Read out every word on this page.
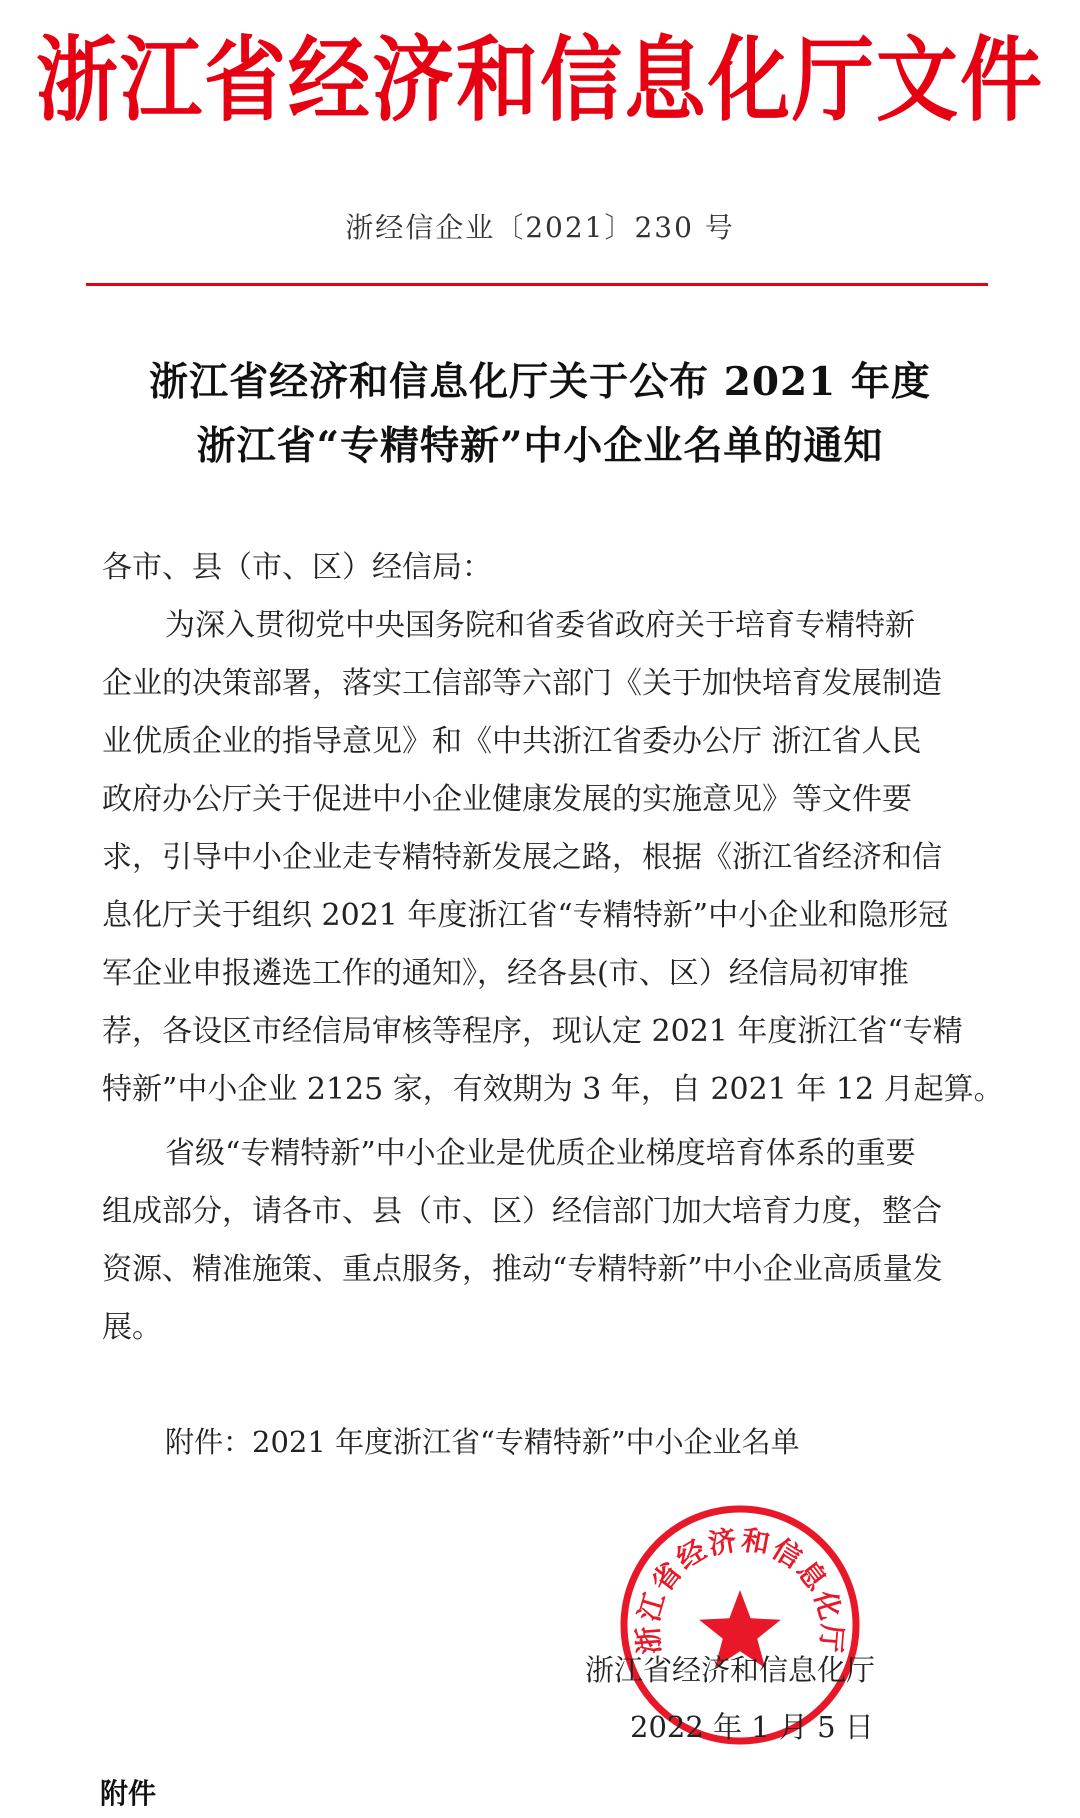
浙江省经济和信息化厅文件
浙经信企业〔2021〕230 号
浙江省经济和信息化厅关于公布 2021 年度
浙江省“专精特新”中小企业名单的通知
各市、县（市、区）经信局：
为深入贯彻党中央国务院和省委省政府关于培育专精特新
企业的决策部署，落实工信部等六部门《关于加快培育发展制造
业优质企业的指导意见》和《中共浙江省委办公厅 浙江省人民
政府办公厅关于促进中小企业健康发展的实施意见》等文件要
求，引导中小企业走专精特新发展之路，根据《浙江省经济和信
息化厅关于组织 2021 年度浙江省“专精特新”中小企业和隐形冠
军企业申报遴选工作的通知》，经各县(市、区）经信局初审推
荐，各设区市经信局审核等程序，现认定 2021 年度浙江省“专精
特新”中小企业 2125 家，有效期为 3 年，自 2021 年 12 月起算。
省级“专精特新”中小企业是优质企业梯度培育体系的重要
组成部分，请各市、县（市、区）经信部门加大培育力度，整合
资源、精准施策、重点服务，推动“专精特新”中小企业高质量发
展。
附件：2021 年度浙江省“专精特新”中小企业名单
浙江省经济和信息化厅
浙江省经济和信息化厅
2022 年 1 月 5 日
附件
